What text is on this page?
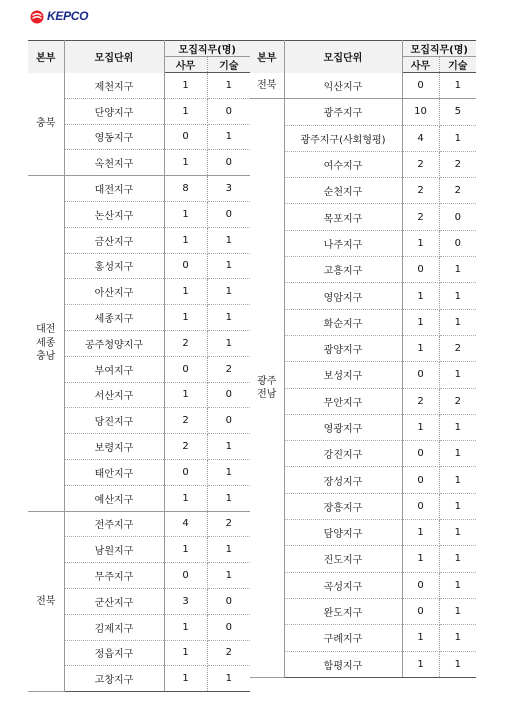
KEPCO
본부	모집단위	모집직무(명)	
		사무	기술
충북	제천지구	1	1
	단양지구	1	0
	영동지구	0	1
	옥천지구	1	0
대전
세종
충남	대전지구	8	3
	논산지구	1	0
	금산지구	1	1
	홍성지구	0	1
	아산지구	1	1
	세종지구	1	1
	공주청양지구	2	1
	부여지구	0	2
	서산지구	1	0
	당진지구	2	0
	보령지구	2	1
	태안지구	0	1
	예산지구	1	1
전북	전주지구	4	2
	남원지구	1	1
	무주지구	0	1
	군산지구	3	0
	김제지구	1	0
	정읍지구	1	2
	고창지구	1	1
본부	모집단위	모집직무(명)	
		사무	기술
전북	익산지구	0	1
광주
전남	광주지구	10	5
	광주지구(사회형평)	4	1
	여수지구	2	2
	순천지구	2	2
	목포지구	2	0
	나주지구	1	0
	고흥지구	0	1
	영암지구	1	1
	화순지구	1	1
	광양지구	1	2
	보성지구	0	1
	무안지구	2	2
	영광지구	1	1
	강진지구	0	1
	장성지구	0	1
	장흥지구	0	1
	담양지구	1	1
	진도지구	1	1
	곡성지구	0	1
	완도지구	0	1
	구례지구	1	1
	함평지구	1	1
